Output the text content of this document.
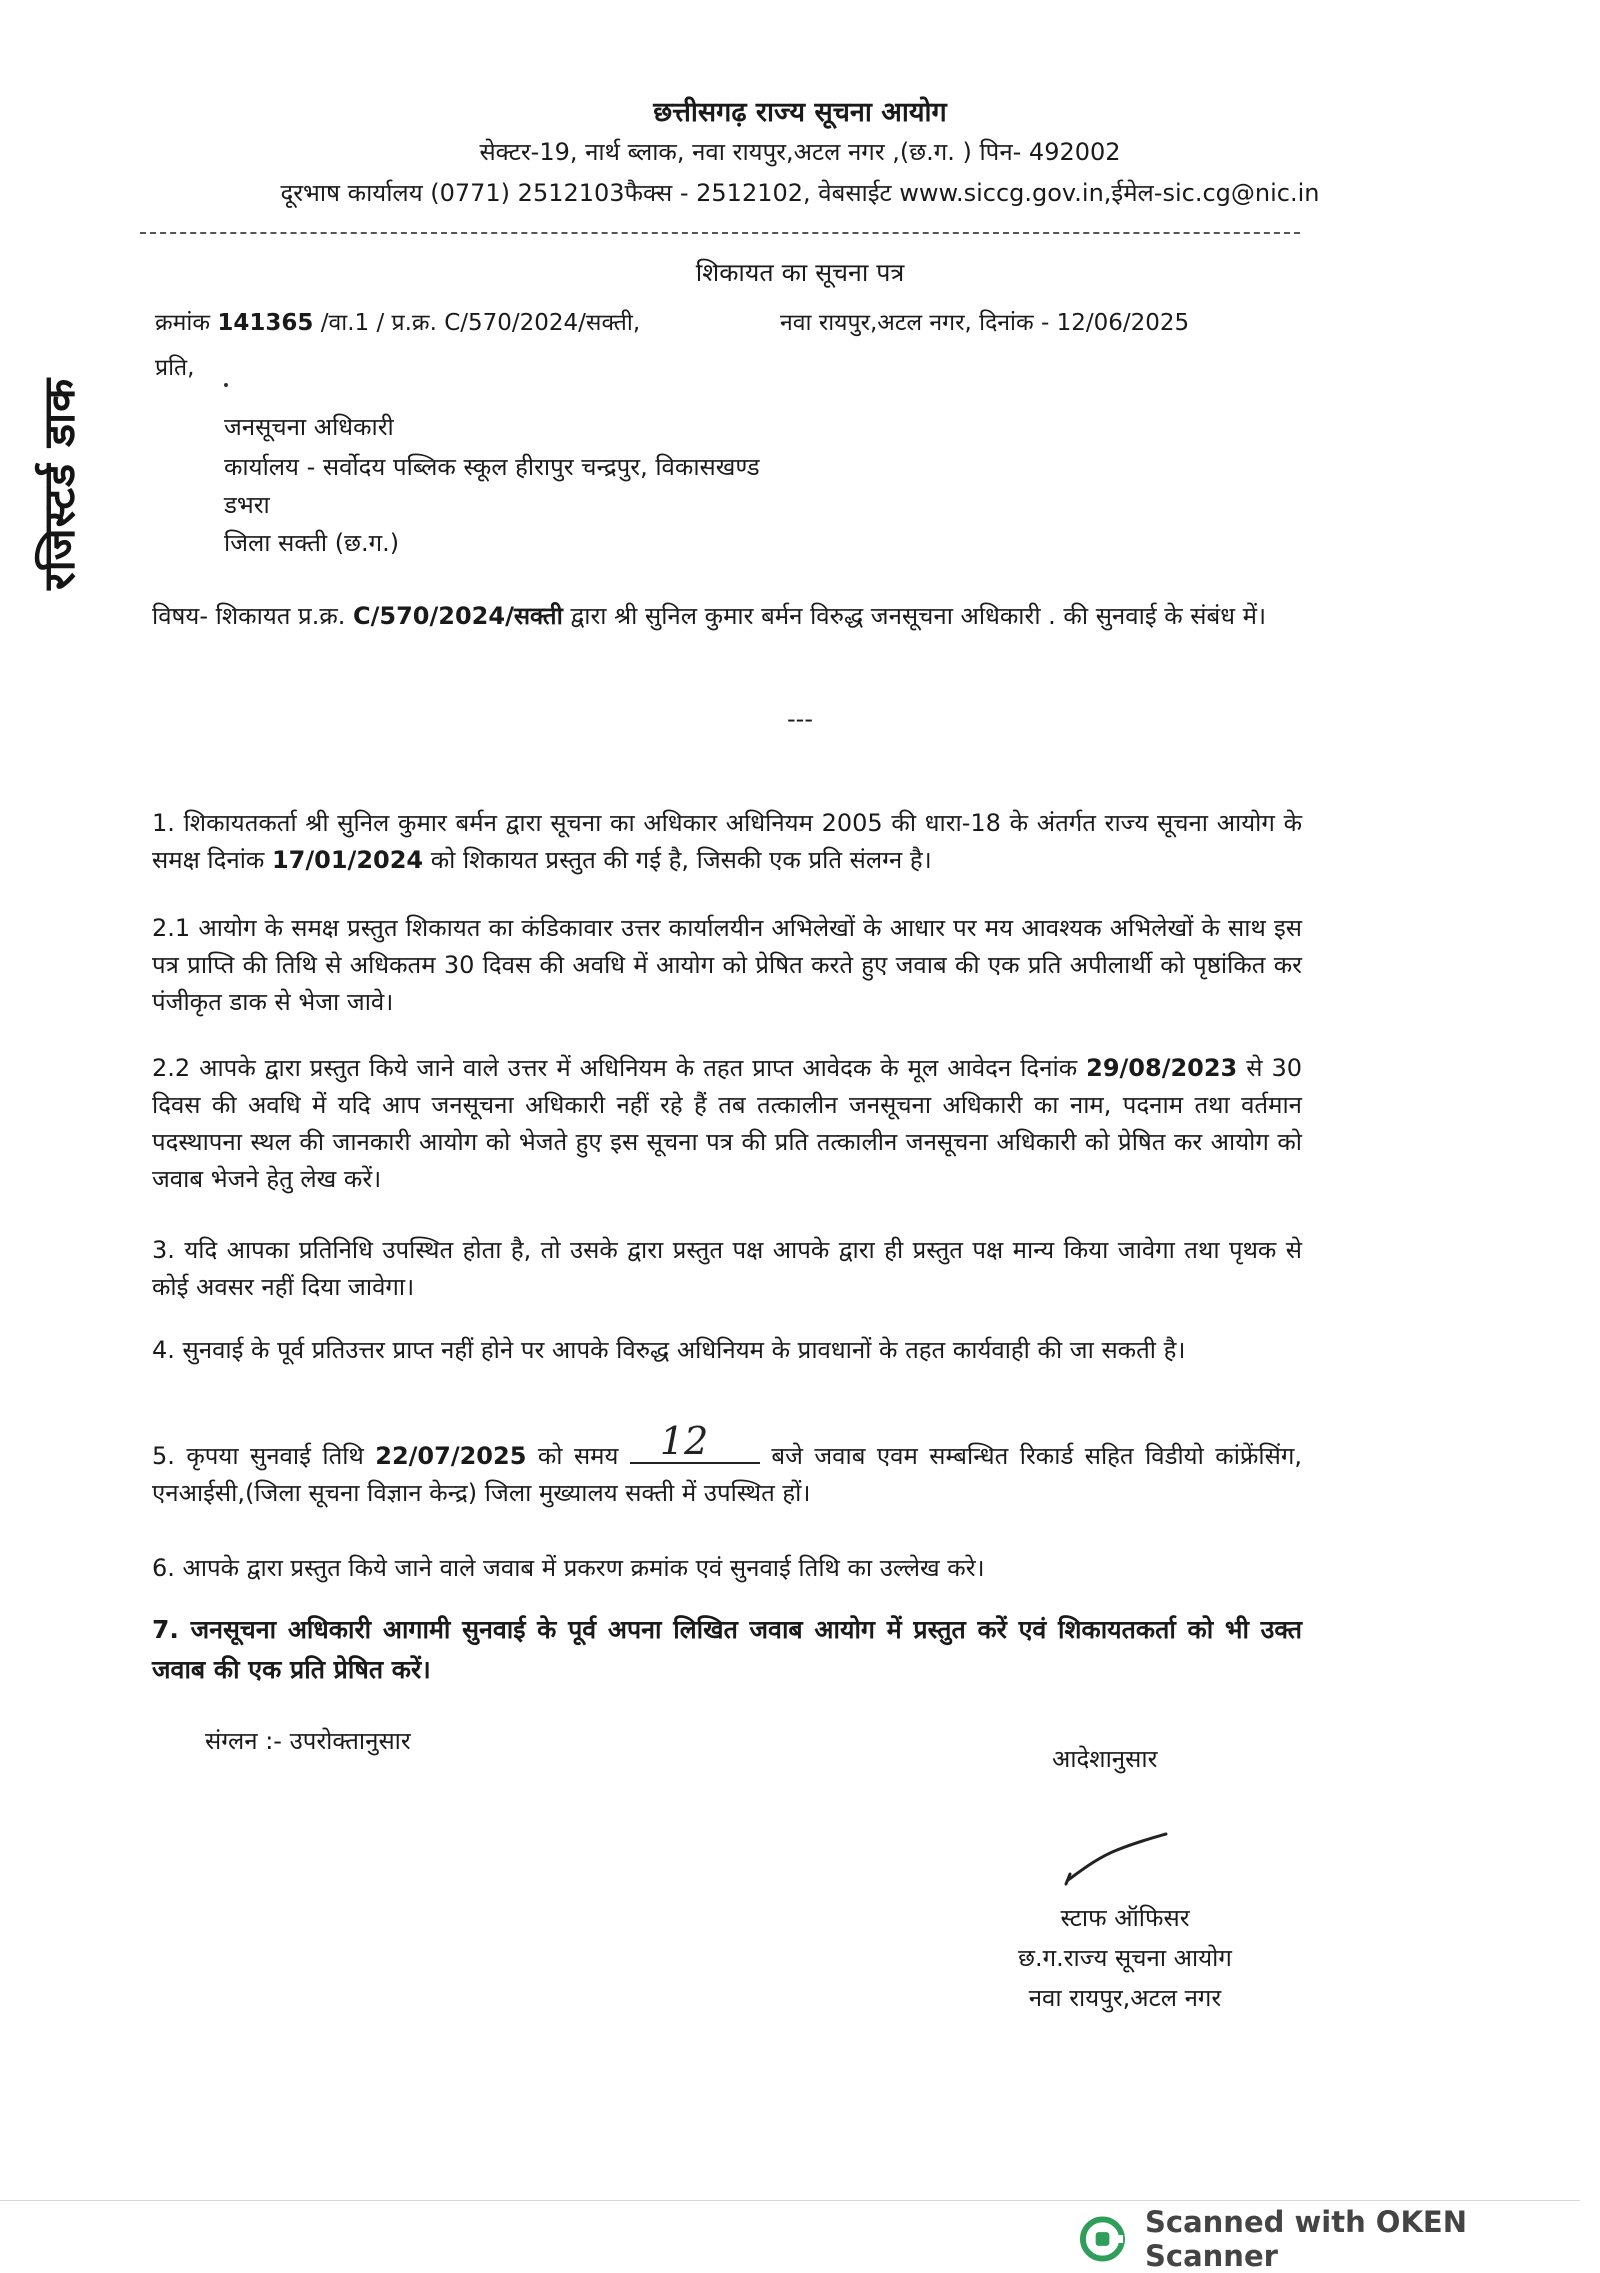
छत्तीसगढ़ राज्य सूचना आयोग
सेक्टर-19, नार्थ ब्लाक, नवा रायपुर,अटल नगर ,(छ.ग. ) पिन- 492002
दूरभाष कार्यालय (0771) 2512103फैक्स - 2512102, वेबसाईट www.siccg.gov.in,ईमेल-sic.cg@nic.in
शिकायत का सूचना पत्र
क्रमांक 141365 /वा.1 / प्र.क्र. C/570/2024/सक्ती,	नवा रायपुर,अटल नगर, दिनांक - 12/06/2025
प्रति,
रजिस्टर्ड डाक	जनसूचना अधिकारी
कार्यालय - सर्वोदय पब्लिक स्कूल हीरापुर चन्द्रपुर, विकासखण्ड
डभरा
जिला सक्ती (छ.ग.)
विषय- शिकायत प्र.क्र. C/570/2024/सक्ती द्वारा श्री सुनिल कुमार बर्मन विरुद्ध जनसूचना अधिकारी . की सुनवाई के संबंध में।
---
1. शिकायतकर्ता श्री सुनिल कुमार बर्मन द्वारा सूचना का अधिकार अधिनियम 2005 की धारा-18 के अंतर्गत राज्य सूचना आयोग के समक्ष दिनांक 17/01/2024 को शिकायत प्रस्तुत की गई है, जिसकी एक प्रति संलग्न है।
2.1 आयोग के समक्ष प्रस्तुत शिकायत का कंडिकावार उत्तर कार्यालयीन अभिलेखों के आधार पर मय आवश्यक अभिलेखों के साथ इस पत्र प्राप्ति की तिथि से अधिकतम 30 दिवस की अवधि में आयोग को प्रेषित करते हुए जवाब की एक प्रति अपीलार्थी को पृष्ठांकित कर पंजीकृत डाक से भेजा जावे।
2.2 आपके द्वारा प्रस्तुत किये जाने वाले उत्तर में अधिनियम के तहत प्राप्त आवेदक के मूल आवेदन दिनांक 29/08/2023 से 30 दिवस की अवधि में यदि आप जनसूचना अधिकारी नहीं रहे हैं तब तत्कालीन जनसूचना अधिकारी का नाम, पदनाम तथा वर्तमान पदस्थापना स्थल की जानकारी आयोग को भेजते हुए इस सूचना पत्र की प्रति तत्कालीन जनसूचना अधिकारी को प्रेषित कर आयोग को जवाब भेजने हेतु लेख करें।
3. यदि आपका प्रतिनिधि उपस्थित होता है, तो उसके द्वारा प्रस्तुत पक्ष आपके द्वारा ही प्रस्तुत पक्ष मान्य किया जावेगा तथा पृथक से कोई अवसर नहीं दिया जावेगा।
4. सुनवाई के पूर्व प्रतिउत्तर प्राप्त नहीं होने पर आपके विरुद्ध अधिनियम के प्रावधानों के तहत कार्यवाही की जा सकती है।
5. कृपया सुनवाई तिथि 22/07/2025 को समय 12 बजे जवाब एवम सम्बन्धित रिकार्ड सहित विडीयो कांफ्रेंसिंग, एनआईसी,(जिला सूचना विज्ञान केन्द्र) जिला मुख्यालय सक्ती में उपस्थित हों।
6. आपके द्वारा प्रस्तुत किये जाने वाले जवाब में प्रकरण क्रमांक एवं सुनवाई तिथि का उल्लेख करे।
7. जनसूचना अधिकारी आगामी सुनवाई के पूर्व अपना लिखित जवाब आयोग में प्रस्तुत करें एवं शिकायतकर्ता को भी उक्त जवाब की एक प्रति प्रेषित करें।
संग्लन :- उपरोक्तानुसार
आदेशानुसार
स्टाफ ऑफिसर
छ.ग.राज्य सूचना आयोग
नवा रायपुर,अटल नगर
Scanned with OKEN Scanner
